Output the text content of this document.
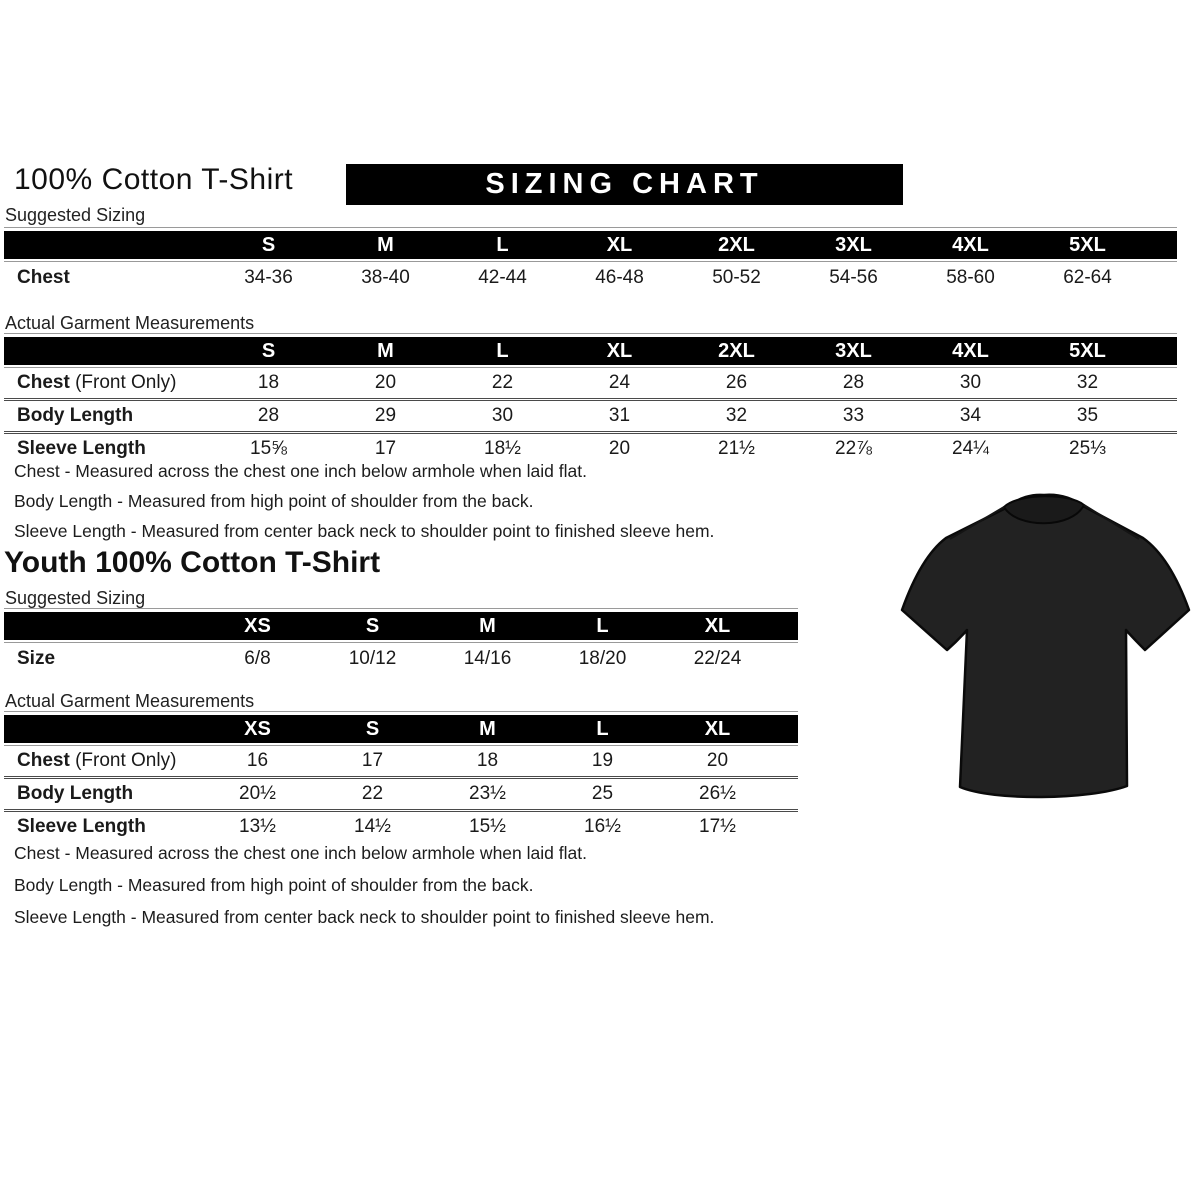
100% Cotton T-Shirt	SIZING CHART
Suggested Sizing
S	M	L	XL	2XL	3XL	4XL	5XL
Chest	34-36	38-40	42-44	46-48	50-52	54-56	58-60	62-64
Actual Garment Measurements
S	M	L	XL	2XL	3XL	4XL	5XL
Chest (Front Only)	18	20	22	24	26	28	30	32
Body Length	28	29	30	31	32	33	34	35
Sleeve Length	15⅝	17	18½	20	21½	22⅞	24¼	25⅓

Chest - Measured across the chest one inch below armhole when laid flat.

Body Length - Measured from high point of shoulder from the back.

Sleeve Length - Measured from center back neck to shoulder point to finished sleeve hem.

Youth 100% Cotton T-Shirt
Suggested Sizing
XS	S	M	L	XL
Size	6/8	10/12	14/16	18/20	22/24
Actual Garment Measurements
XS	S	M	L	XL
Chest (Front Only)	16	17	18	19	20
Body Length	20½	22	23½	25	26½
Sleeve Length	13½	14½	15½	16½	17½

Chest - Measured across the chest one inch below armhole when laid flat.

Body Length - Measured from high point of shoulder from the back.

Sleeve Length - Measured from center back neck to shoulder point to finished sleeve hem.
